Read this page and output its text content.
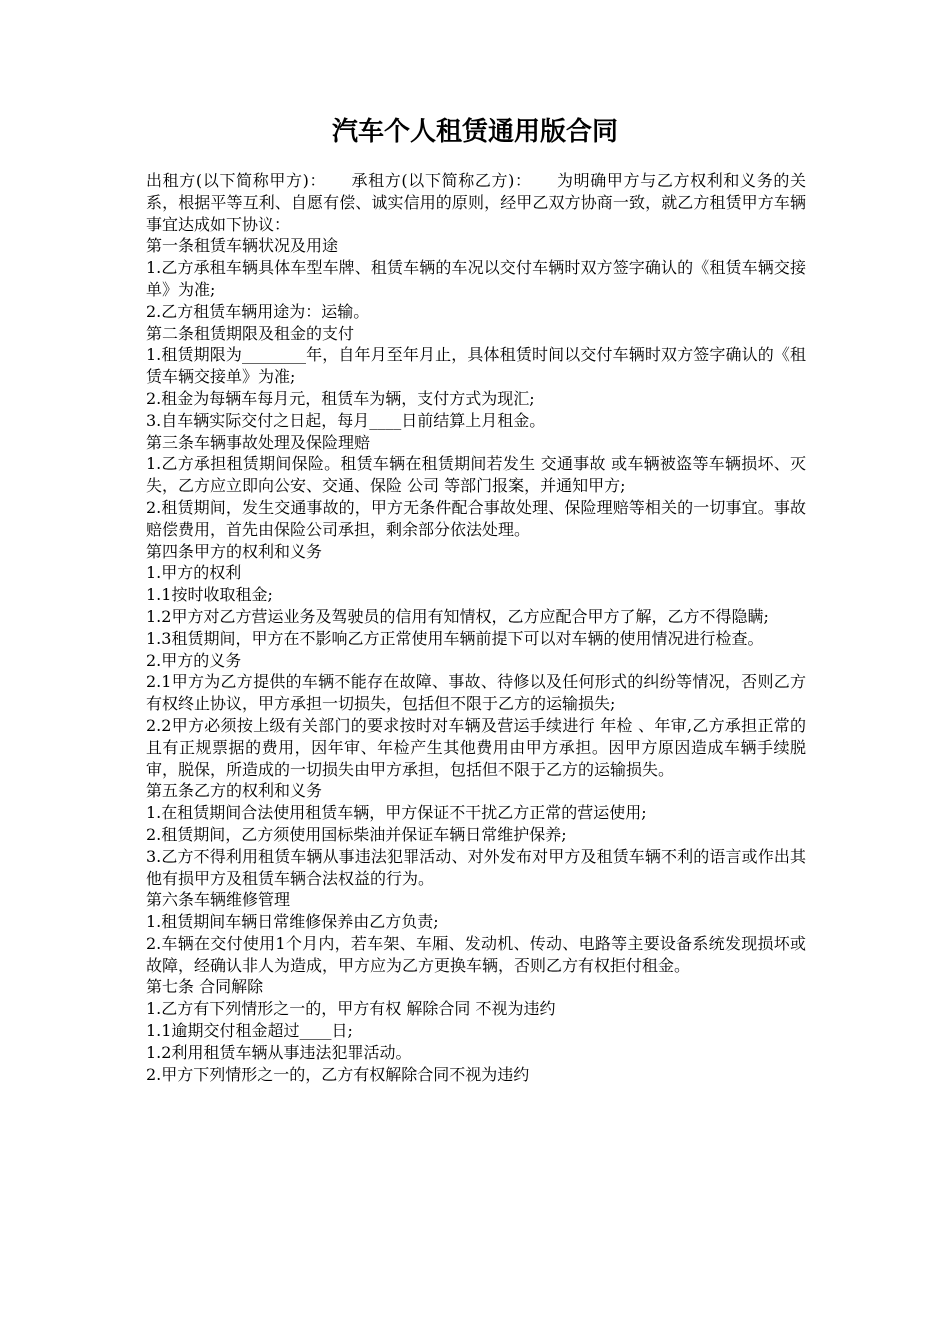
汽车个人租赁通用版合同

出租方(以下简称甲方)：　　承租方(以下简称乙方)：　　为明确甲方与乙方权利和义务的关系，根据平等互利、自愿有偿、诚实信用的原则，经甲乙双方协商一致，就乙方租赁甲方车辆事宜达成如下协议：

第一条租赁车辆状况及用途

1.乙方承租车辆具体车型车牌、租赁车辆的车况以交付车辆时双方签字确认的《租赁车辆交接单》为准;

2.乙方租赁车辆用途为：运输。

第二条租赁期限及租金的支付

1.租赁期限为________年，自年月至年月止，具体租赁时间以交付车辆时双方签字确认的《租赁车辆交接单》为准;

2.租金为每辆车每月元，租赁车为辆，支付方式为现汇;

3.自车辆实际交付之日起，每月____日前结算上月租金。

第三条车辆事故处理及保险理赔

1.乙方承担租赁期间保险。租赁车辆在租赁期间若发生 交通事故 或车辆被盗等车辆损坏、灭失，乙方应立即向公安、交通、保险 公司 等部门报案，并通知甲方;

2.租赁期间，发生交通事故的，甲方无条件配合事故处理、保险理赔等相关的一切事宜。事故赔偿费用，首先由保险公司承担，剩余部分依法处理。

第四条甲方的权利和义务

1.甲方的权利

1.1按时收取租金;

1.2甲方对乙方营运业务及驾驶员的信用有知情权，乙方应配合甲方了解，乙方不得隐瞒;

1.3租赁期间，甲方在不影响乙方正常使用车辆前提下可以对车辆的使用情况进行检查。

2.甲方的义务

2.1甲方为乙方提供的车辆不能存在故障、事故、待修以及任何形式的纠纷等情况，否则乙方有权终止协议，甲方承担一切损失，包括但不限于乙方的运输损失;

2.2甲方必须按上级有关部门的要求按时对车辆及营运手续进行 年检 、年审,乙方承担正常的且有正规票据的费用，因年审、年检产生其他费用由甲方承担。因甲方原因造成车辆手续脱审，脱保，所造成的一切损失由甲方承担，包括但不限于乙方的运输损失。

第五条乙方的权利和义务

1.在租赁期间合法使用租赁车辆，甲方保证不干扰乙方正常的营运使用;

2.租赁期间，乙方须使用国标柴油并保证车辆日常维护保养;

3.乙方不得利用租赁车辆从事违法犯罪活动、对外发布对甲方及租赁车辆不利的语言或作出其他有损甲方及租赁车辆合法权益的行为。

第六条车辆维修管理

1.租赁期间车辆日常维修保养由乙方负责;

2.车辆在交付使用1个月内，若车架、车厢、发动机、传动、电路等主要设备系统发现损坏或故障，经确认非人为造成，甲方应为乙方更换车辆，否则乙方有权拒付租金。

第七条 合同解除

1.乙方有下列情形之一的，甲方有权 解除合同 不视为违约

1.1逾期交付租金超过____日;

1.2利用租赁车辆从事违法犯罪活动。

2.甲方下列情形之一的，乙方有权解除合同不视为违约
